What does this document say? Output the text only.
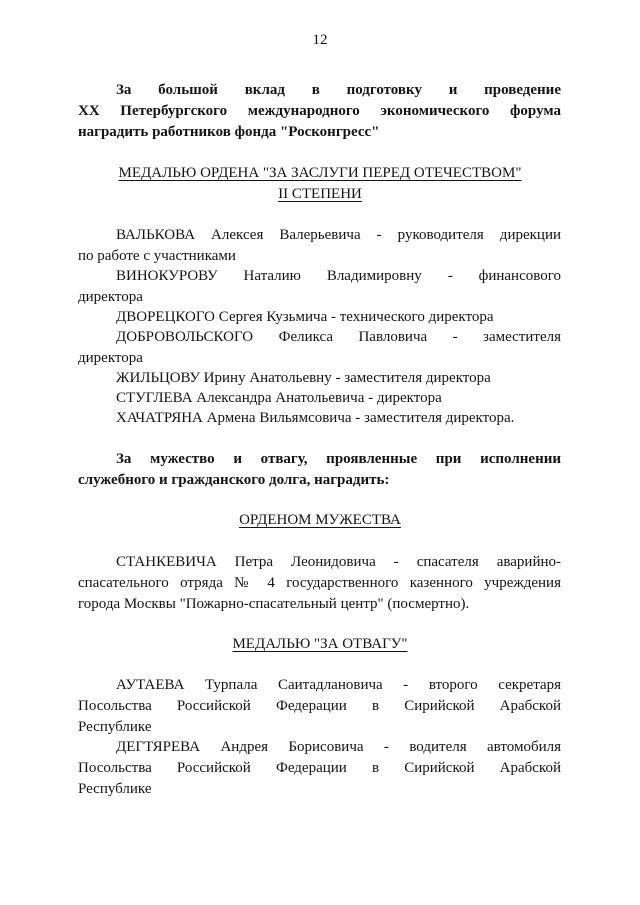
12
За большой вклад в подготовку и проведение
XX Петербургского международного экономического форума
наградить работников фонда "Росконгресс"
МЕДАЛЬЮ ОРДЕНА "ЗА ЗАСЛУГИ ПЕРЕД ОТЕЧЕСТВОМ"
II СТЕПЕНИ
ВАЛЬКОВА Алексея Валерьевича - руководителя дирекции
по работе с участниками
ВИНОКУРОВУ Наталию Владимировну - финансового
директора
ДВОРЕЦКОГО Сергея Кузьмича - технического директора
ДОБРОВОЛЬСКОГО Феликса Павловича - заместителя
директора
ЖИЛЬЦОВУ Ирину Анатольевну - заместителя директора
СТУГЛЕВА Александра Анатольевича - директора
ХАЧАТРЯНА Армена Вильямсовича - заместителя директора.
За мужество и отвагу, проявленные при исполнении
служебного и гражданского долга, наградить:
ОРДЕНОМ МУЖЕСТВА
СТАНКЕВИЧА Петра Леонидовича - спасателя аварийно-
спасательного отряда № 4 государственного казенного учреждения
города Москвы "Пожарно-спасательный центр" (посмертно).
МЕДАЛЬЮ "ЗА ОТВАГУ"
АУТАЕВА Турпала Саитадлановича - второго секретаря
Посольства Российской Федерации в Сирийской Арабской
Республике
ДЕГТЯРЕВА Андрея Борисовича - водителя автомобиля
Посольства Российской Федерации в Сирийской Арабской
Республике
